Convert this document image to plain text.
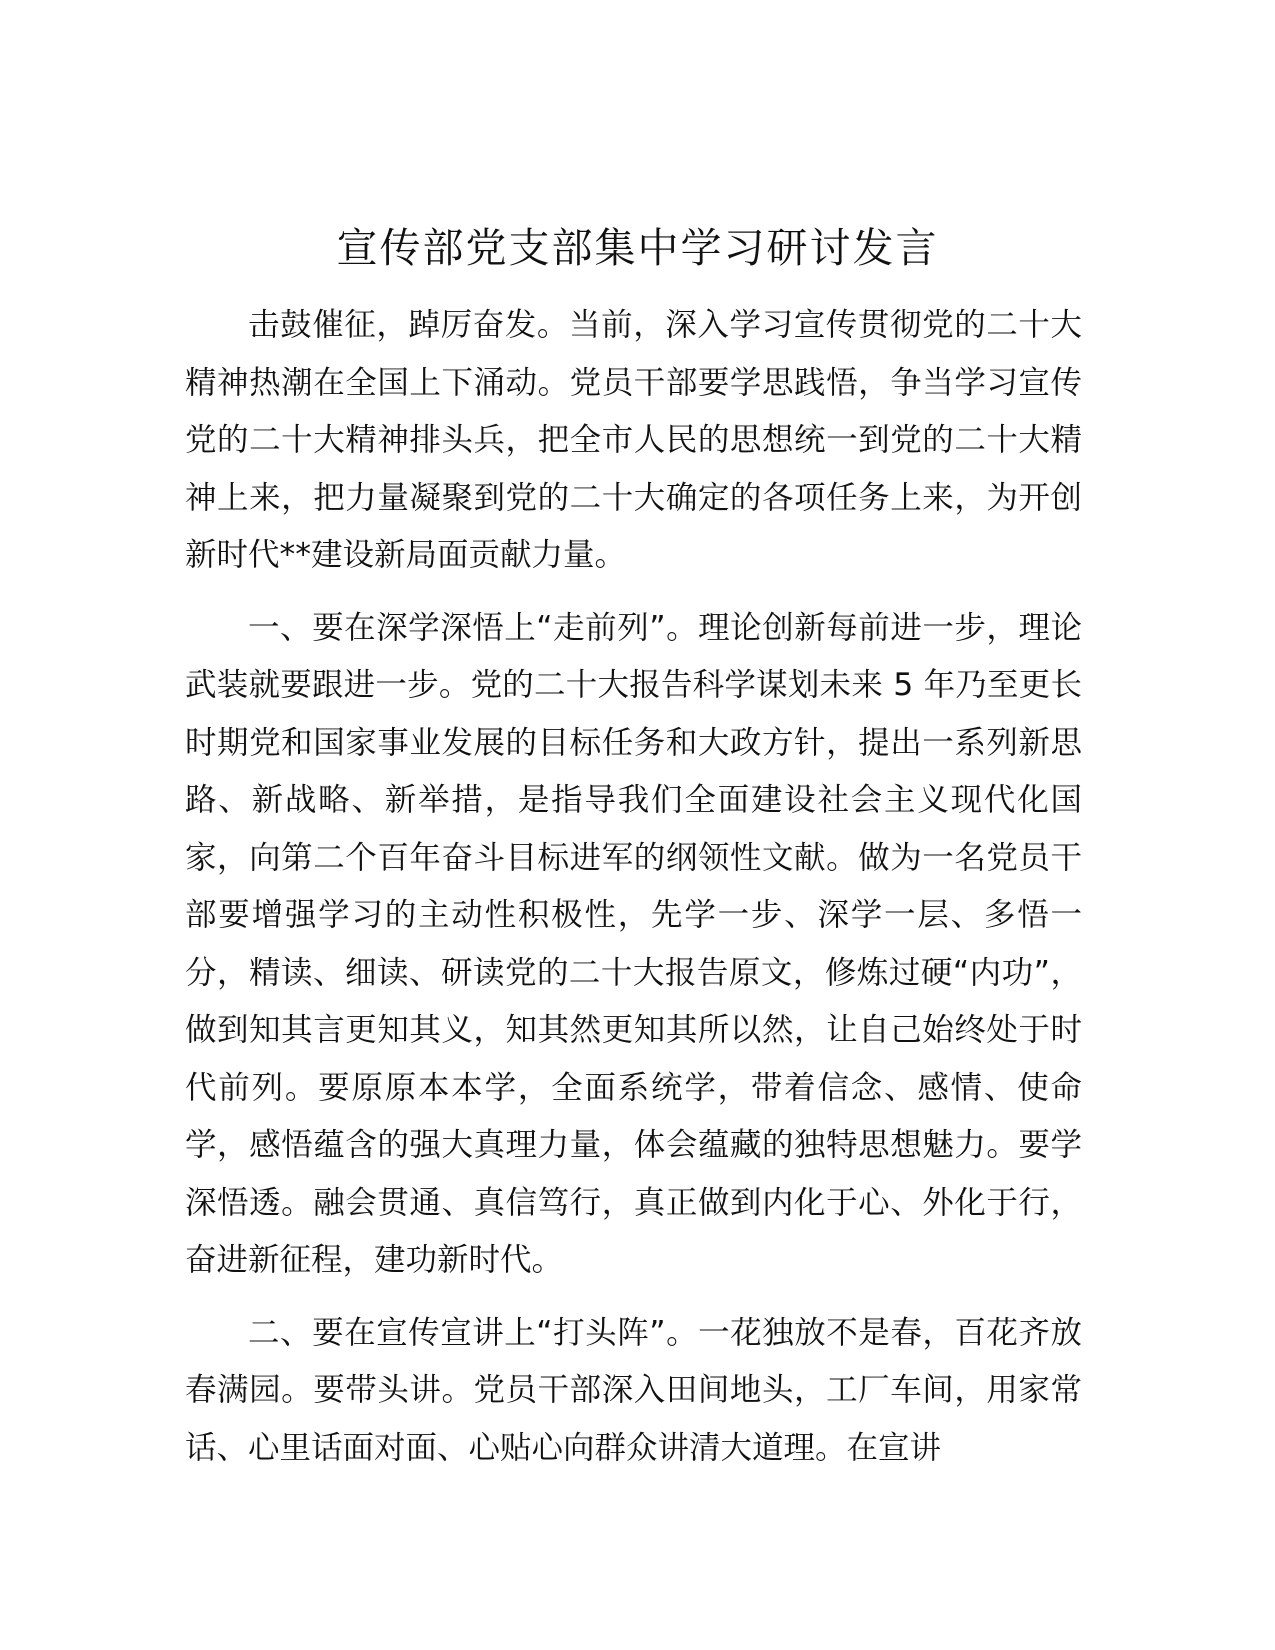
宣传部党支部集中学习研讨发言

击鼓催征，踔厉奋发。当前，深入学习宣传贯彻党的二十大精神热潮在全国上下涌动。党员干部要学思践悟，争当学习宣传党的二十大精神排头兵，把全市人民的思想统一到党的二十大精神上来，把力量凝聚到党的二十大确定的各项任务上来，为开创新时代**建设新局面贡献力量。

一、要在深学深悟上“走前列”。理论创新每前进一步，理论武装就要跟进一步。党的二十大报告科学谋划未来 5 年乃至更长时期党和国家事业发展的目标任务和大政方针，提出一系列新思路、新战略、新举措，是指导我们全面建设社会主义现代化国家，向第二个百年奋斗目标进军的纲领性文献。做为一名党员干部要增强学习的主动性积极性，先学一步、深学一层、多悟一分，精读、细读、研读党的二十大报告原文，修炼过硬“内功”，做到知其言更知其义，知其然更知其所以然，让自己始终处于时代前列。要原原本本学，全面系统学，带着信念、感情、使命学，感悟蕴含的强大真理力量，体会蕴藏的独特思想魅力。要学深悟透。融会贯通、真信笃行，真正做到内化于心、外化于行，奋进新征程，建功新时代。

二、要在宣传宣讲上“打头阵”。一花独放不是春，百花齐放春满园。要带头讲。党员干部深入田间地头，工厂车间，用家常话、心里话面对面、心贴心向群众讲清大道理。在宣讲
